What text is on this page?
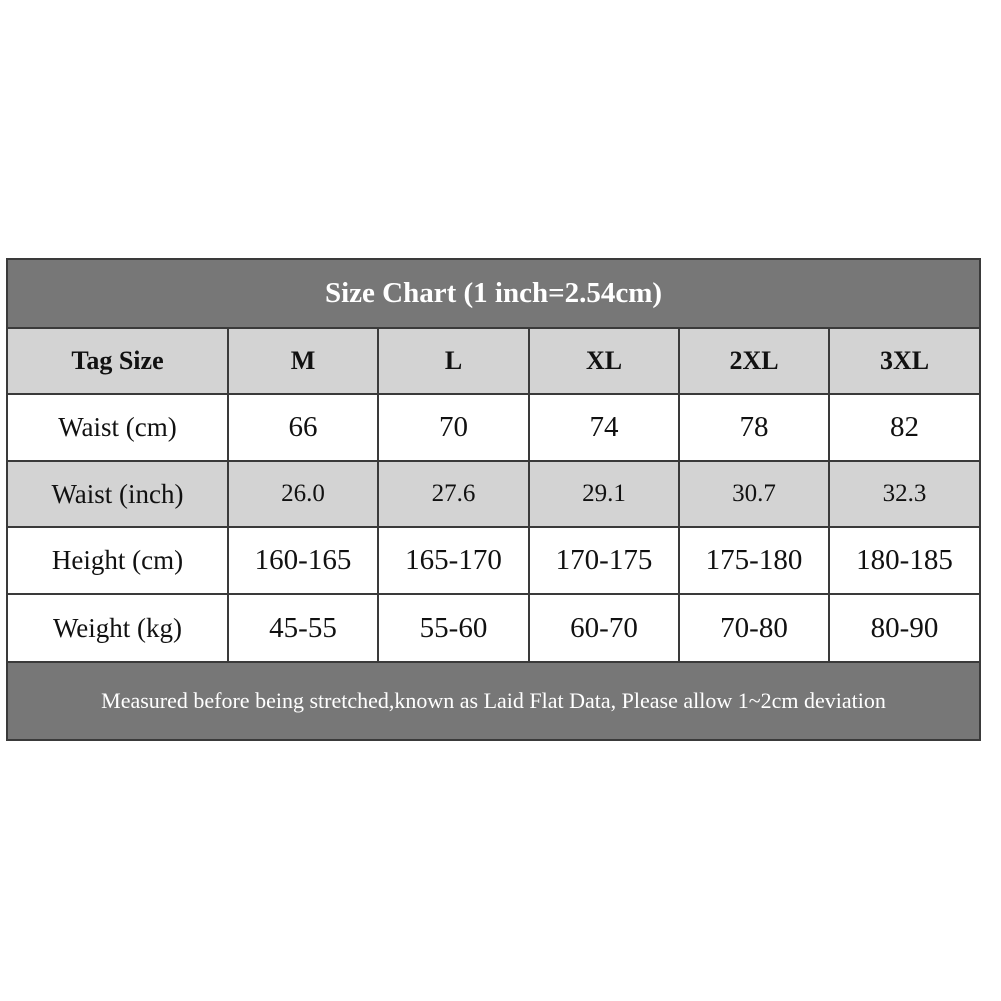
Size Chart (1 inch=2.54cm)
Tag Size	M	L	XL	2XL	3XL
Waist (cm)	66	70	74	78	82
Waist (inch)	26.0	27.6	29.1	30.7	32.3
Height (cm)	160-165	165-170	170-175	175-180	180-185
Weight (kg)	45-55	55-60	60-70	70-80	80-90
Measured before being stretched,known as Laid Flat Data, Please allow 1~2cm deviation
